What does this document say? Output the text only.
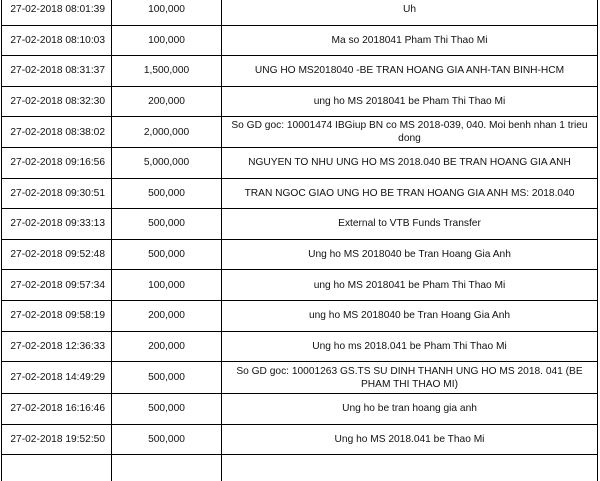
27-02-2018 08:01:39	100,000	Uh
27-02-2018 08:10:03	100,000	Ma so 2018041 Pham Thi Thao Mi
27-02-2018 08:31:37	1,500,000	UNG HO MS2018040 -BE TRAN HOANG GIA ANH-TAN BINH-HCM
27-02-2018 08:32:30	200,000	ung ho MS 2018041 be Pham Thi Thao Mi
27-02-2018 08:38:02	2,000,000	So GD goc: 10001474 IBGiup BN co MS 2018-039, 040. Moi benh nhan 1 trieu dong
27-02-2018 09:16:56	5,000,000	NGUYEN TO NHU UNG HO MS 2018.040 BE TRAN HOANG GIA ANH
27-02-2018 09:30:51	500,000	TRAN NGOC GIAO UNG HO BE TRAN HOANG GIA ANH MS: 2018.040
27-02-2018 09:33:13	500,000	External to VTB Funds Transfer
27-02-2018 09:52:48	500,000	Ung ho MS 2018040 be Tran Hoang Gia Anh
27-02-2018 09:57:34	100,000	ung ho MS 2018041 be Pham Thi Thao Mi
27-02-2018 09:58:19	200,000	ung ho MS 2018040 be Tran Hoang Gia Anh
27-02-2018 12:36:33	200,000	Ung ho ms 2018.041 be Pham Thi Thao Mi
27-02-2018 14:49:29	500,000	So GD goc: 10001263 GS.TS SU DINH THANH UNG HO MS 2018. 041 (BE PHAM THI THAO MI)
27-02-2018 16:16:46	500,000	Ung ho be tran hoang gia anh
27-02-2018 19:52:50	500,000	Ung ho MS 2018.041 be Thao Mi
